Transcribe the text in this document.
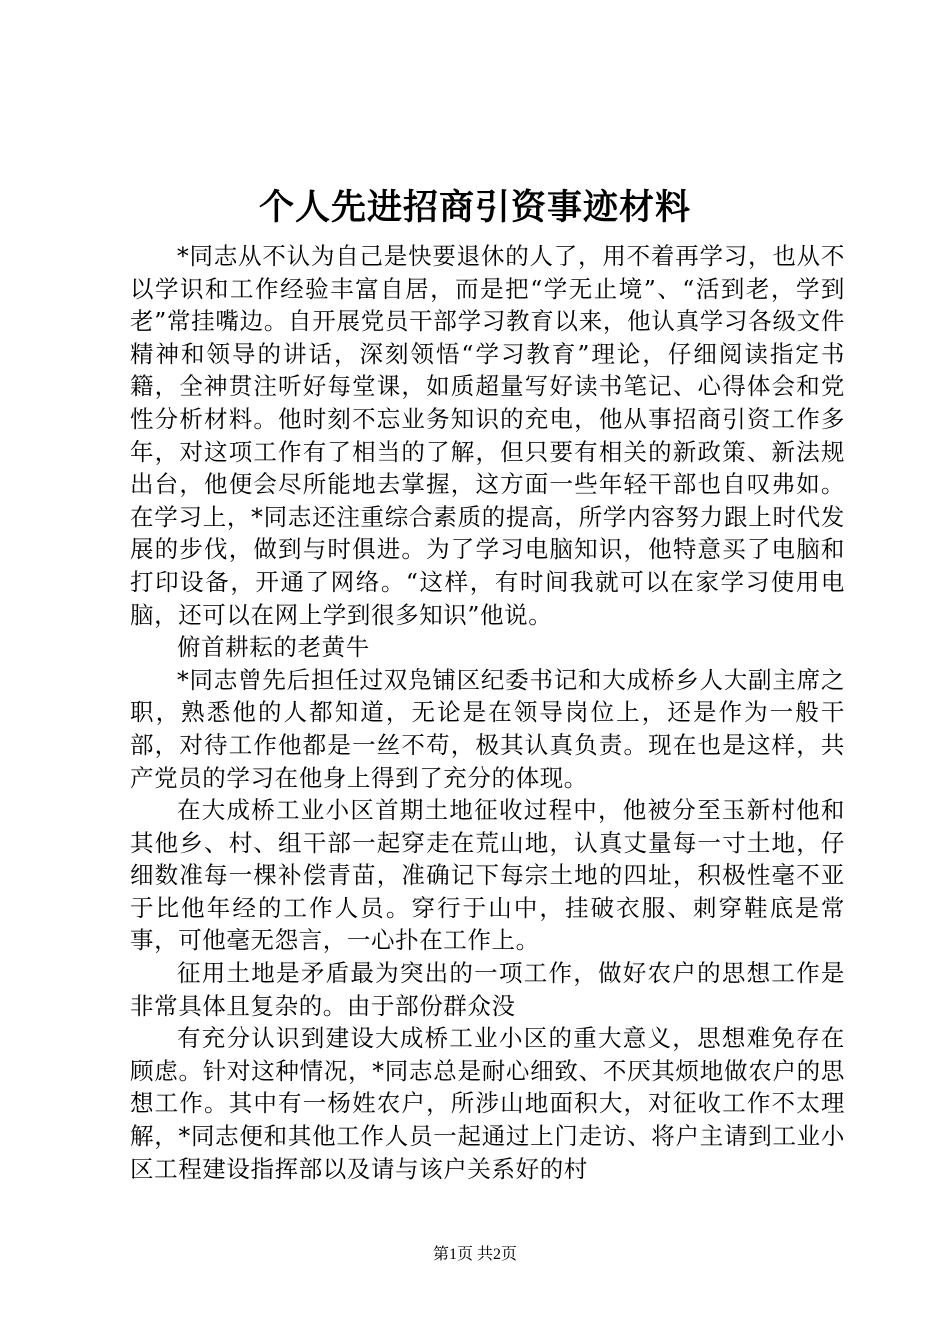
个人先进招商引资事迹材料

*同志从不认为自己是快要退休的人了，用不着再学习，也从不以学识和工作经验丰富自居，而是把“学无止境”、“活到老，学到老”常挂嘴边。自开展党员干部学习教育以来，他认真学习各级文件精神和领导的讲话，深刻领悟“学习教育”理论，仔细阅读指定书籍，全神贯注听好每堂课，如质超量写好读书笔记、心得体会和党性分析材料。他时刻不忘业务知识的充电，他从事招商引资工作多年，对这项工作有了相当的了解，但只要有相关的新政策、新法规出台，他便会尽所能地去掌握，这方面一些年轻干部也自叹弗如。在学习上，*同志还注重综合素质的提高，所学内容努力跟上时代发展的步伐，做到与时俱进。为了学习电脑知识，他特意买了电脑和打印设备，开通了网络。“这样，有时间我就可以在家学习使用电脑，还可以在网上学到很多知识”他说。

俯首耕耘的老黄牛

*同志曾先后担任过双凫铺区纪委书记和大成桥乡人大副主席之职，熟悉他的人都知道，无论是在领导岗位上，还是作为一般干部，对待工作他都是一丝不苟，极其认真负责。现在也是这样，共产党员的学习在他身上得到了充分的体现。

在大成桥工业小区首期土地征收过程中，他被分至玉新村他和其他乡、村、组干部一起穿走在荒山地，认真丈量每一寸土地，仔细数准每一棵补偿青苗，准确记下每宗土地的四址，积极性毫不亚于比他年经的工作人员。穿行于山中，挂破衣服、刺穿鞋底是常事，可他毫无怨言，一心扑在工作上。

征用土地是矛盾最为突出的一项工作，做好农户的思想工作是非常具体且复杂的。由于部份群众没

有充分认识到建设大成桥工业小区的重大意义，思想难免存在顾虑。针对这种情况，*同志总是耐心细致、不厌其烦地做农户的思想工作。其中有一杨姓农户，所涉山地面积大，对征收工作不太理解，*同志便和其他工作人员一起通过上门走访、将户主请到工业小区工程建设指挥部以及请与该户关系好的村

第1页 共2页
